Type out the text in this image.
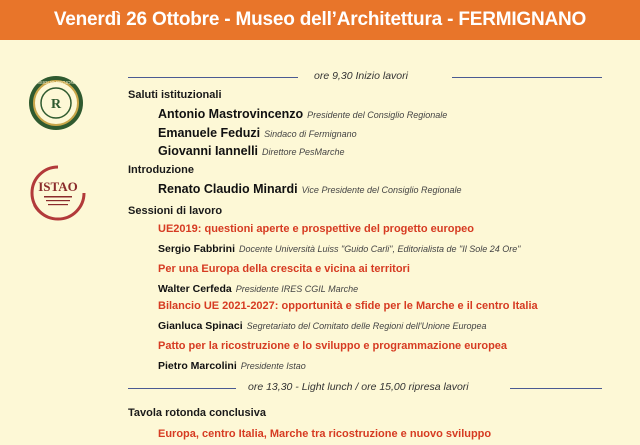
Venerdì 26 Ottobre - Museo dell’Architettura - FERMIGNANO
R
CONSIGLIO REGIONALE
ISTAO
ore 9,30 Inizio lavori
Saluti istituzionali
Antonio Mastrovincenzo Presidente del Consiglio Regionale
Emanuele Feduzi Sindaco di Fermignano
Giovanni Iannelli Direttore PesMarche
Introduzione
Renato Claudio Minardi Vice Presidente del Consiglio Regionale
Sessioni di lavoro
UE2019: questioni aperte e prospettive del progetto europeo
Sergio Fabbrini Docente Università Luiss "Guido Carli", Editorialista de "Il Sole 24 Ore"
Per una Europa della crescita e vicina ai territori
Walter Cerfeda Presidente IRES CGIL Marche
Bilancio UE 2021-2027: opportunità e sfide per le Marche e il centro Italia
Gianluca Spinaci Segretariato del Comitato delle Regioni dell'Unione Europea
Patto per la ricostruzione e lo sviluppo e programmazione europea
Pietro Marcolini Presidente Istao
ore 13,30 - Light lunch / ore 15,00 ripresa lavori
Tavola rotonda conclusiva
Europa, centro Italia, Marche tra ricostruzione e nuovo sviluppo
